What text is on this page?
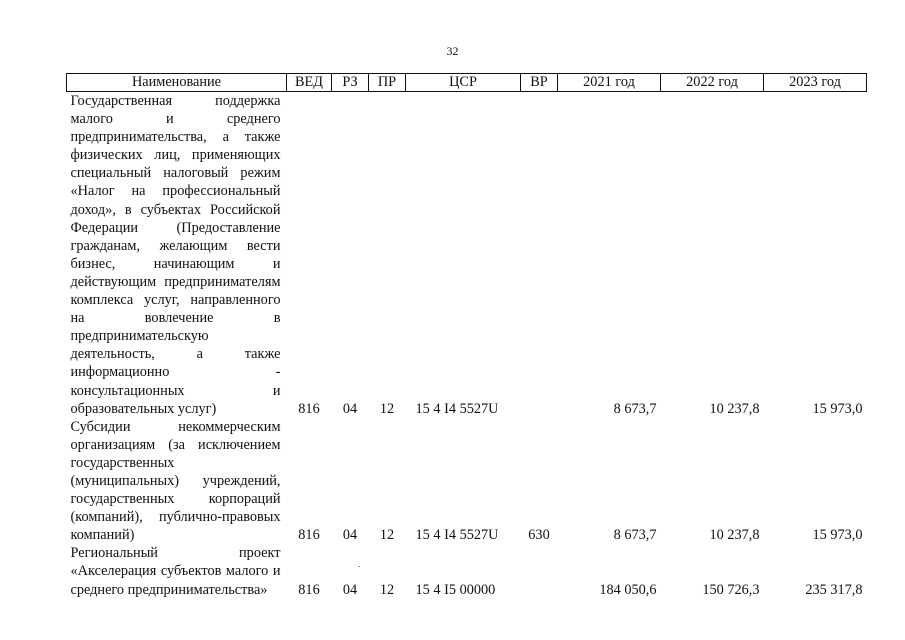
32
Наименование	ВЕД	РЗ	ПР	ЦСР	ВР	2021 год	2022 год	2023 год
Государственная поддержка малого и среднего предпринимательства, а также физических лиц, применяющих специальный налоговый режим «Налог на профессиональный доход», в субъектах Российской Федерации (Предоставление гражданам, желающим вести бизнес, начинающим и действующим предпринимателям комплекса услуг, направленного на вовлечение в предпринимательскую деятельность, а также информационно - консультационных и образовательных услуг)	816	04	12	15 4 I4 5527U		8 673,7	10 237,8	15 973,0
Субсидии некоммерческим организациям (за исключением государственных (муниципальных) учреждений, государственных корпораций (компаний), публично-правовых компаний)	816	04	12	15 4 I4 5527U	630	8 673,7	10 237,8	15 973,0
Региональный проект «Акселерация субъектов малого и среднего предпринимательства»	816	04	12	15 4 I5 00000		184 050,6	150 726,3	235 317,8
